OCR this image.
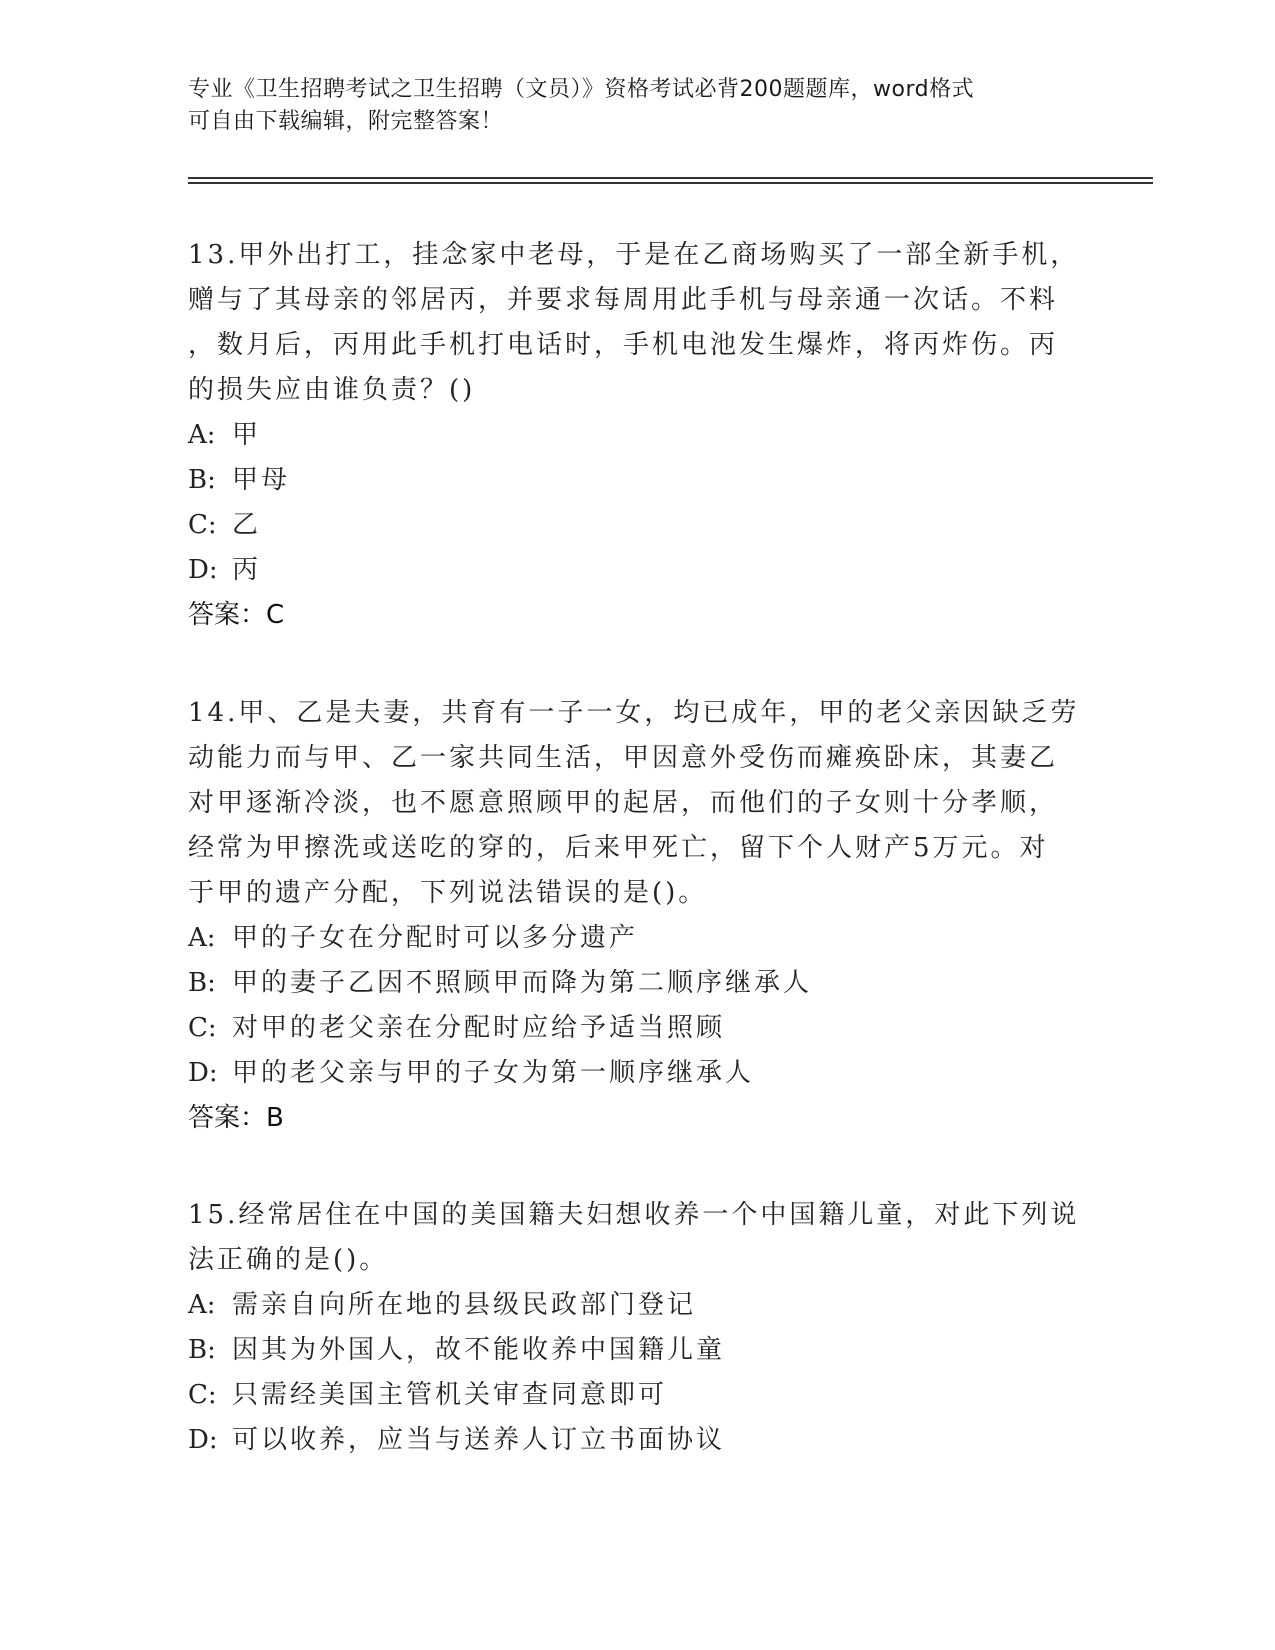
专业《卫生招聘考试之卫生招聘（文员）》资格考试必背200题题库，word格式
可自由下载编辑，附完整答案！
13.甲外出打工，挂念家中老母，于是在乙商场购买了一部全新手机，
赠与了其母亲的邻居丙，并要求每周用此手机与母亲通一次话。不料
，数月后，丙用此手机打电话时，手机电池发生爆炸，将丙炸伤。丙
的损失应由谁负责？()
A: 甲
B: 甲母
C: 乙
D: 丙
答案：C
14.甲、乙是夫妻，共育有一子一女，均已成年，甲的老父亲因缺乏劳
动能力而与甲、乙一家共同生活，甲因意外受伤而瘫痪卧床，其妻乙
对甲逐渐冷淡，也不愿意照顾甲的起居，而他们的子女则十分孝顺，
经常为甲擦洗或送吃的穿的，后来甲死亡，留下个人财产5万元。对
于甲的遗产分配，下列说法错误的是()。
A: 甲的子女在分配时可以多分遗产
B: 甲的妻子乙因不照顾甲而降为第二顺序继承人
C: 对甲的老父亲在分配时应给予适当照顾
D: 甲的老父亲与甲的子女为第一顺序继承人
答案：B
15.经常居住在中国的美国籍夫妇想收养一个中国籍儿童，对此下列说
法正确的是()。
A: 需亲自向所在地的县级民政部门登记
B: 因其为外国人，故不能收养中国籍儿童
C: 只需经美国主管机关审查同意即可
D: 可以收养，应当与送养人订立书面协议
